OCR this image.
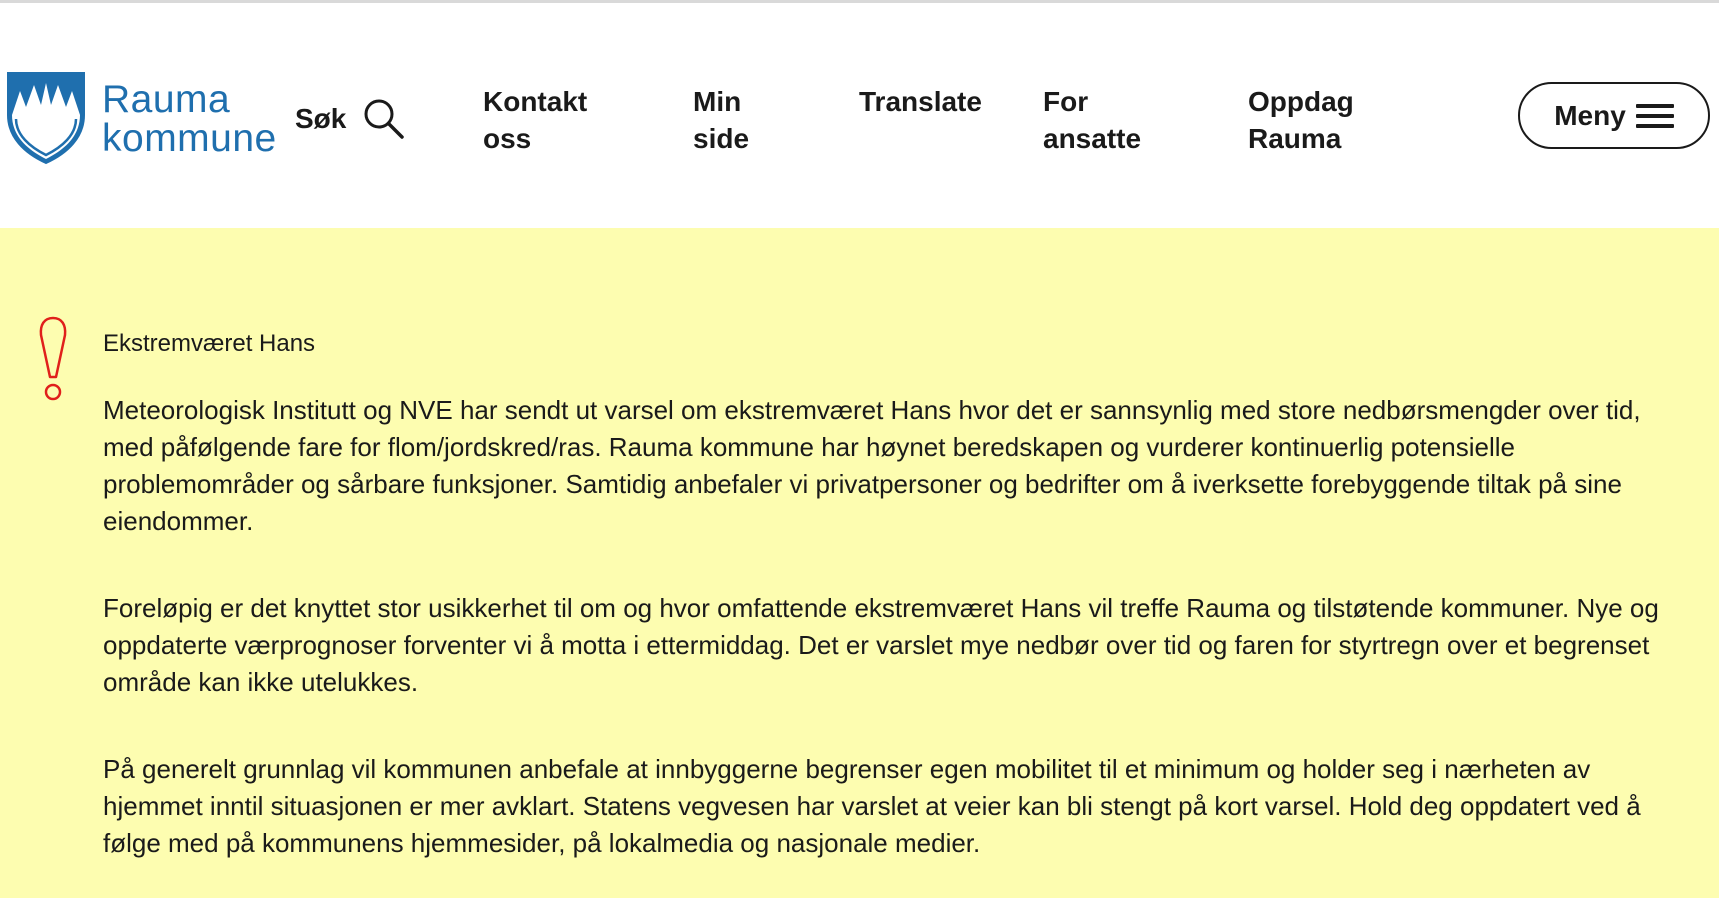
Rauma
kommune Søk
Kontakt
oss
Min
side
Translate For
ansatte
Oppdag
Rauma
Meny
Ekstremværet Hans

Meteorologisk Institutt og NVE har sendt ut varsel om ekstremværet Hans hvor det er sannsynlig med store nedbørsmengder over tid, med påfølgende fare for flom/jordskred/ras. Rauma kommune har høynet beredskapen og vurderer kontinuerlig potensielle problemområder og sårbare funksjoner. Samtidig anbefaler vi privatpersoner og bedrifter om å iverksette forebyggende tiltak på sine eiendommer.

Foreløpig er det knyttet stor usikkerhet til om og hvor omfattende ekstremværet Hans vil treffe Rauma og tilstøtende kommuner. Nye og oppdaterte værprognoser forventer vi å motta i ettermiddag. Det er varslet mye nedbør over tid og faren for styrtregn over et begrenset område kan ikke utelukkes.

På generelt grunnlag vil kommunen anbefale at innbyggerne begrenser egen mobilitet til et minimum og holder seg i nærheten av hjemmet inntil situasjonen er mer avklart. Statens vegvesen har varslet at veier kan bli stengt på kort varsel. Hold deg oppdatert ved å følge med på kommunens hjemmesider, på lokalmedia og nasjonale medier.
